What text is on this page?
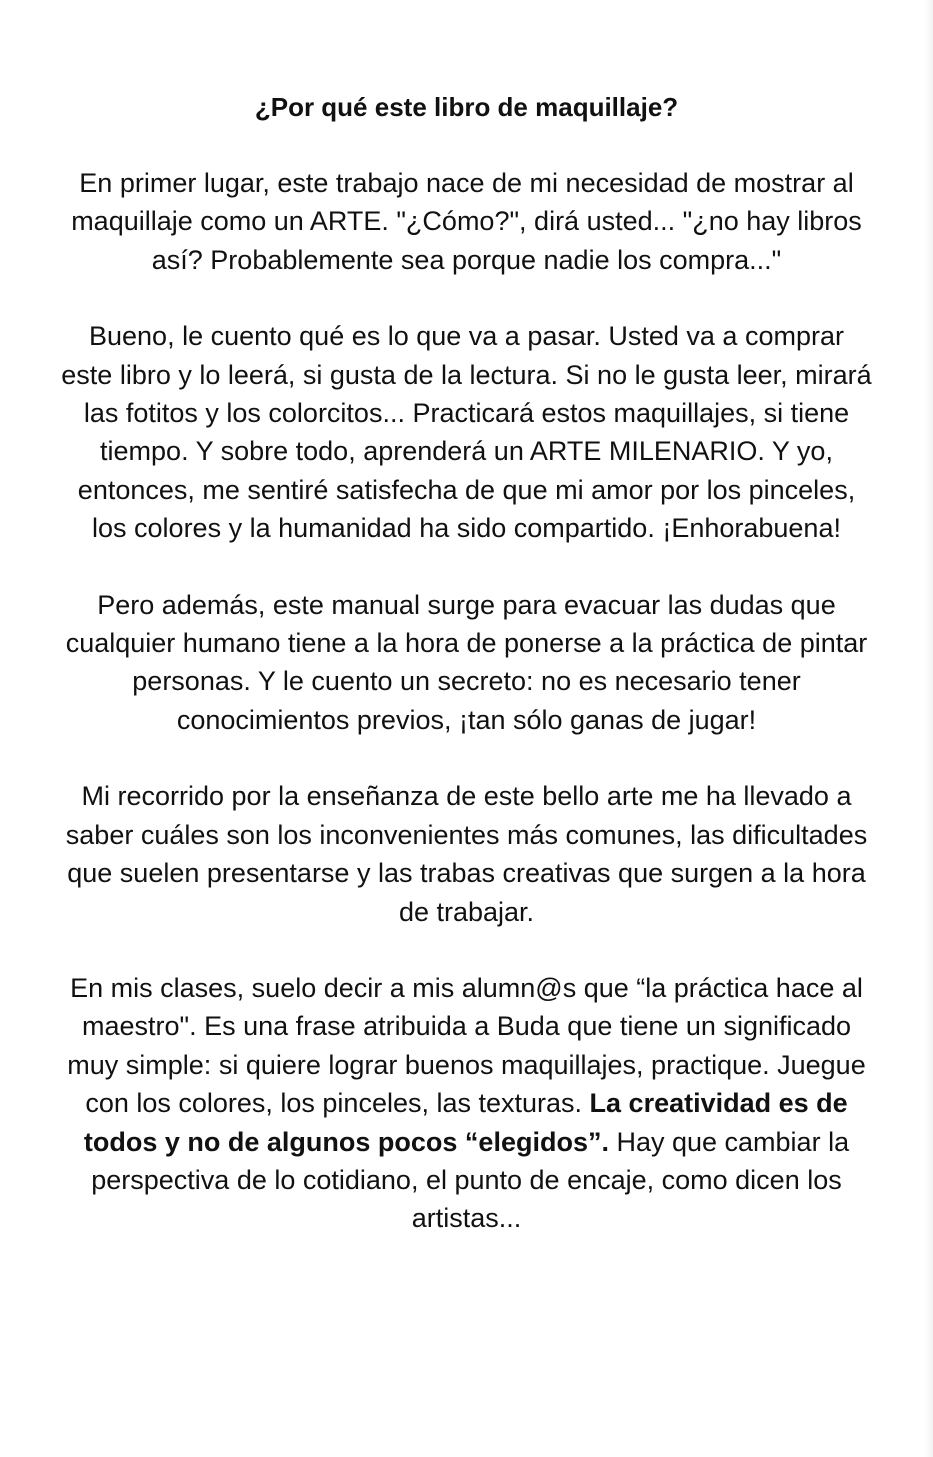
¿Por qué este libro de maquillaje?

En primer lugar, este trabajo nace de mi necesidad de mostrar al maquillaje como un ARTE. "¿Cómo?", dirá usted... "¿no hay libros así? Probablemente sea porque nadie los compra..."

Bueno, le cuento qué es lo que va a pasar. Usted va a comprar este libro y lo leerá, si gusta de la lectura. Si no le gusta leer, mirará las fotitos y los colorcitos... Practicará estos maquillajes, si tiene tiempo. Y sobre todo, aprenderá un ARTE MILENARIO. Y yo, entonces, me sentiré satisfecha de que mi amor por los pinceles, los colores y la humanidad ha sido compartido. ¡Enhorabuena!

Pero además, este manual surge para evacuar las dudas que cualquier humano tiene a la hora de ponerse a la práctica de pintar personas. Y le cuento un secreto: no es necesario tener conocimientos previos, ¡tan sólo ganas de jugar!

Mi recorrido por la enseñanza de este bello arte me ha llevado a saber cuáles son los inconvenientes más comunes, las dificultades que suelen presentarse y las trabas creativas que surgen a la hora de trabajar.

En mis clases, suelo decir a mis alumn@s que “la práctica hace al maestro". Es una frase atribuida a Buda que tiene un significado muy simple: si quiere lograr buenos maquillajes, practique. Juegue con los colores, los pinceles, las texturas. La creatividad es de todos y no de algunos pocos “elegidos”. Hay que cambiar la perspectiva de lo cotidiano, el punto de encaje, como dicen los artistas...
